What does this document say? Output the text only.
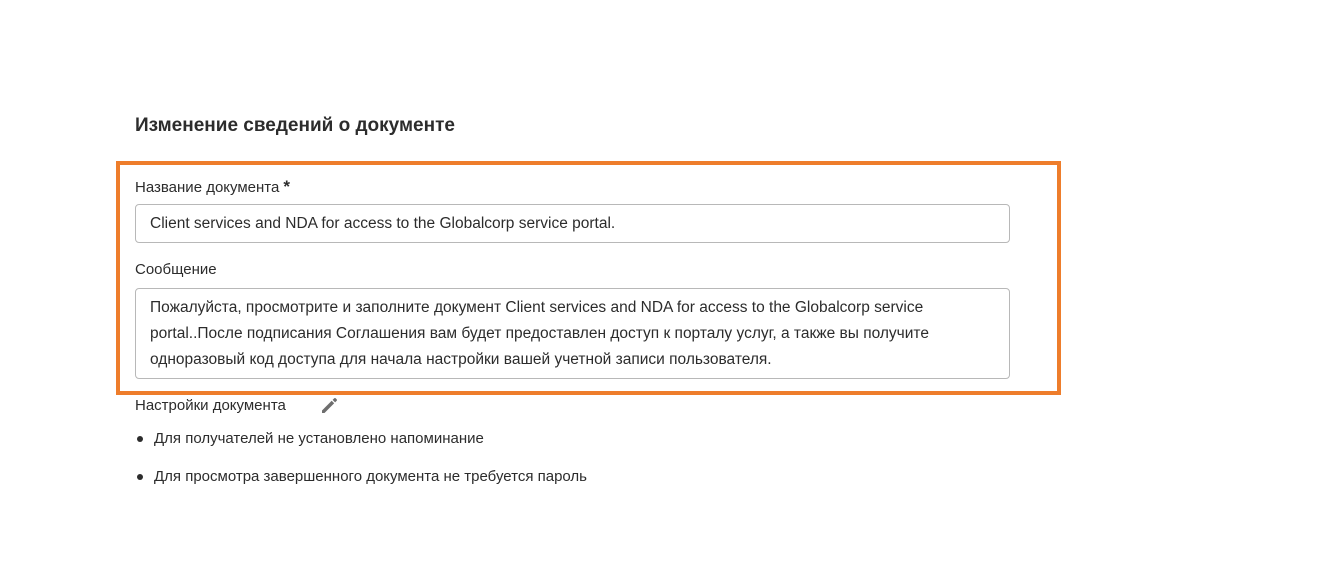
Изменение сведений о документе
Название документа *
Client services and NDA for access to the Globalcorp service portal.
Сообщение
Пожалуйста, просмотрите и заполните документ Client services and NDA for access to the Globalcorp service portal..После подписания Соглашения вам будет предоставлен доступ к порталу услуг, а также вы получите одноразовый код доступа для начала настройки вашей учетной записи пользователя.
Настройки документа
Для получателей не установлено напоминание
Для просмотра завершенного документа не требуется пароль
